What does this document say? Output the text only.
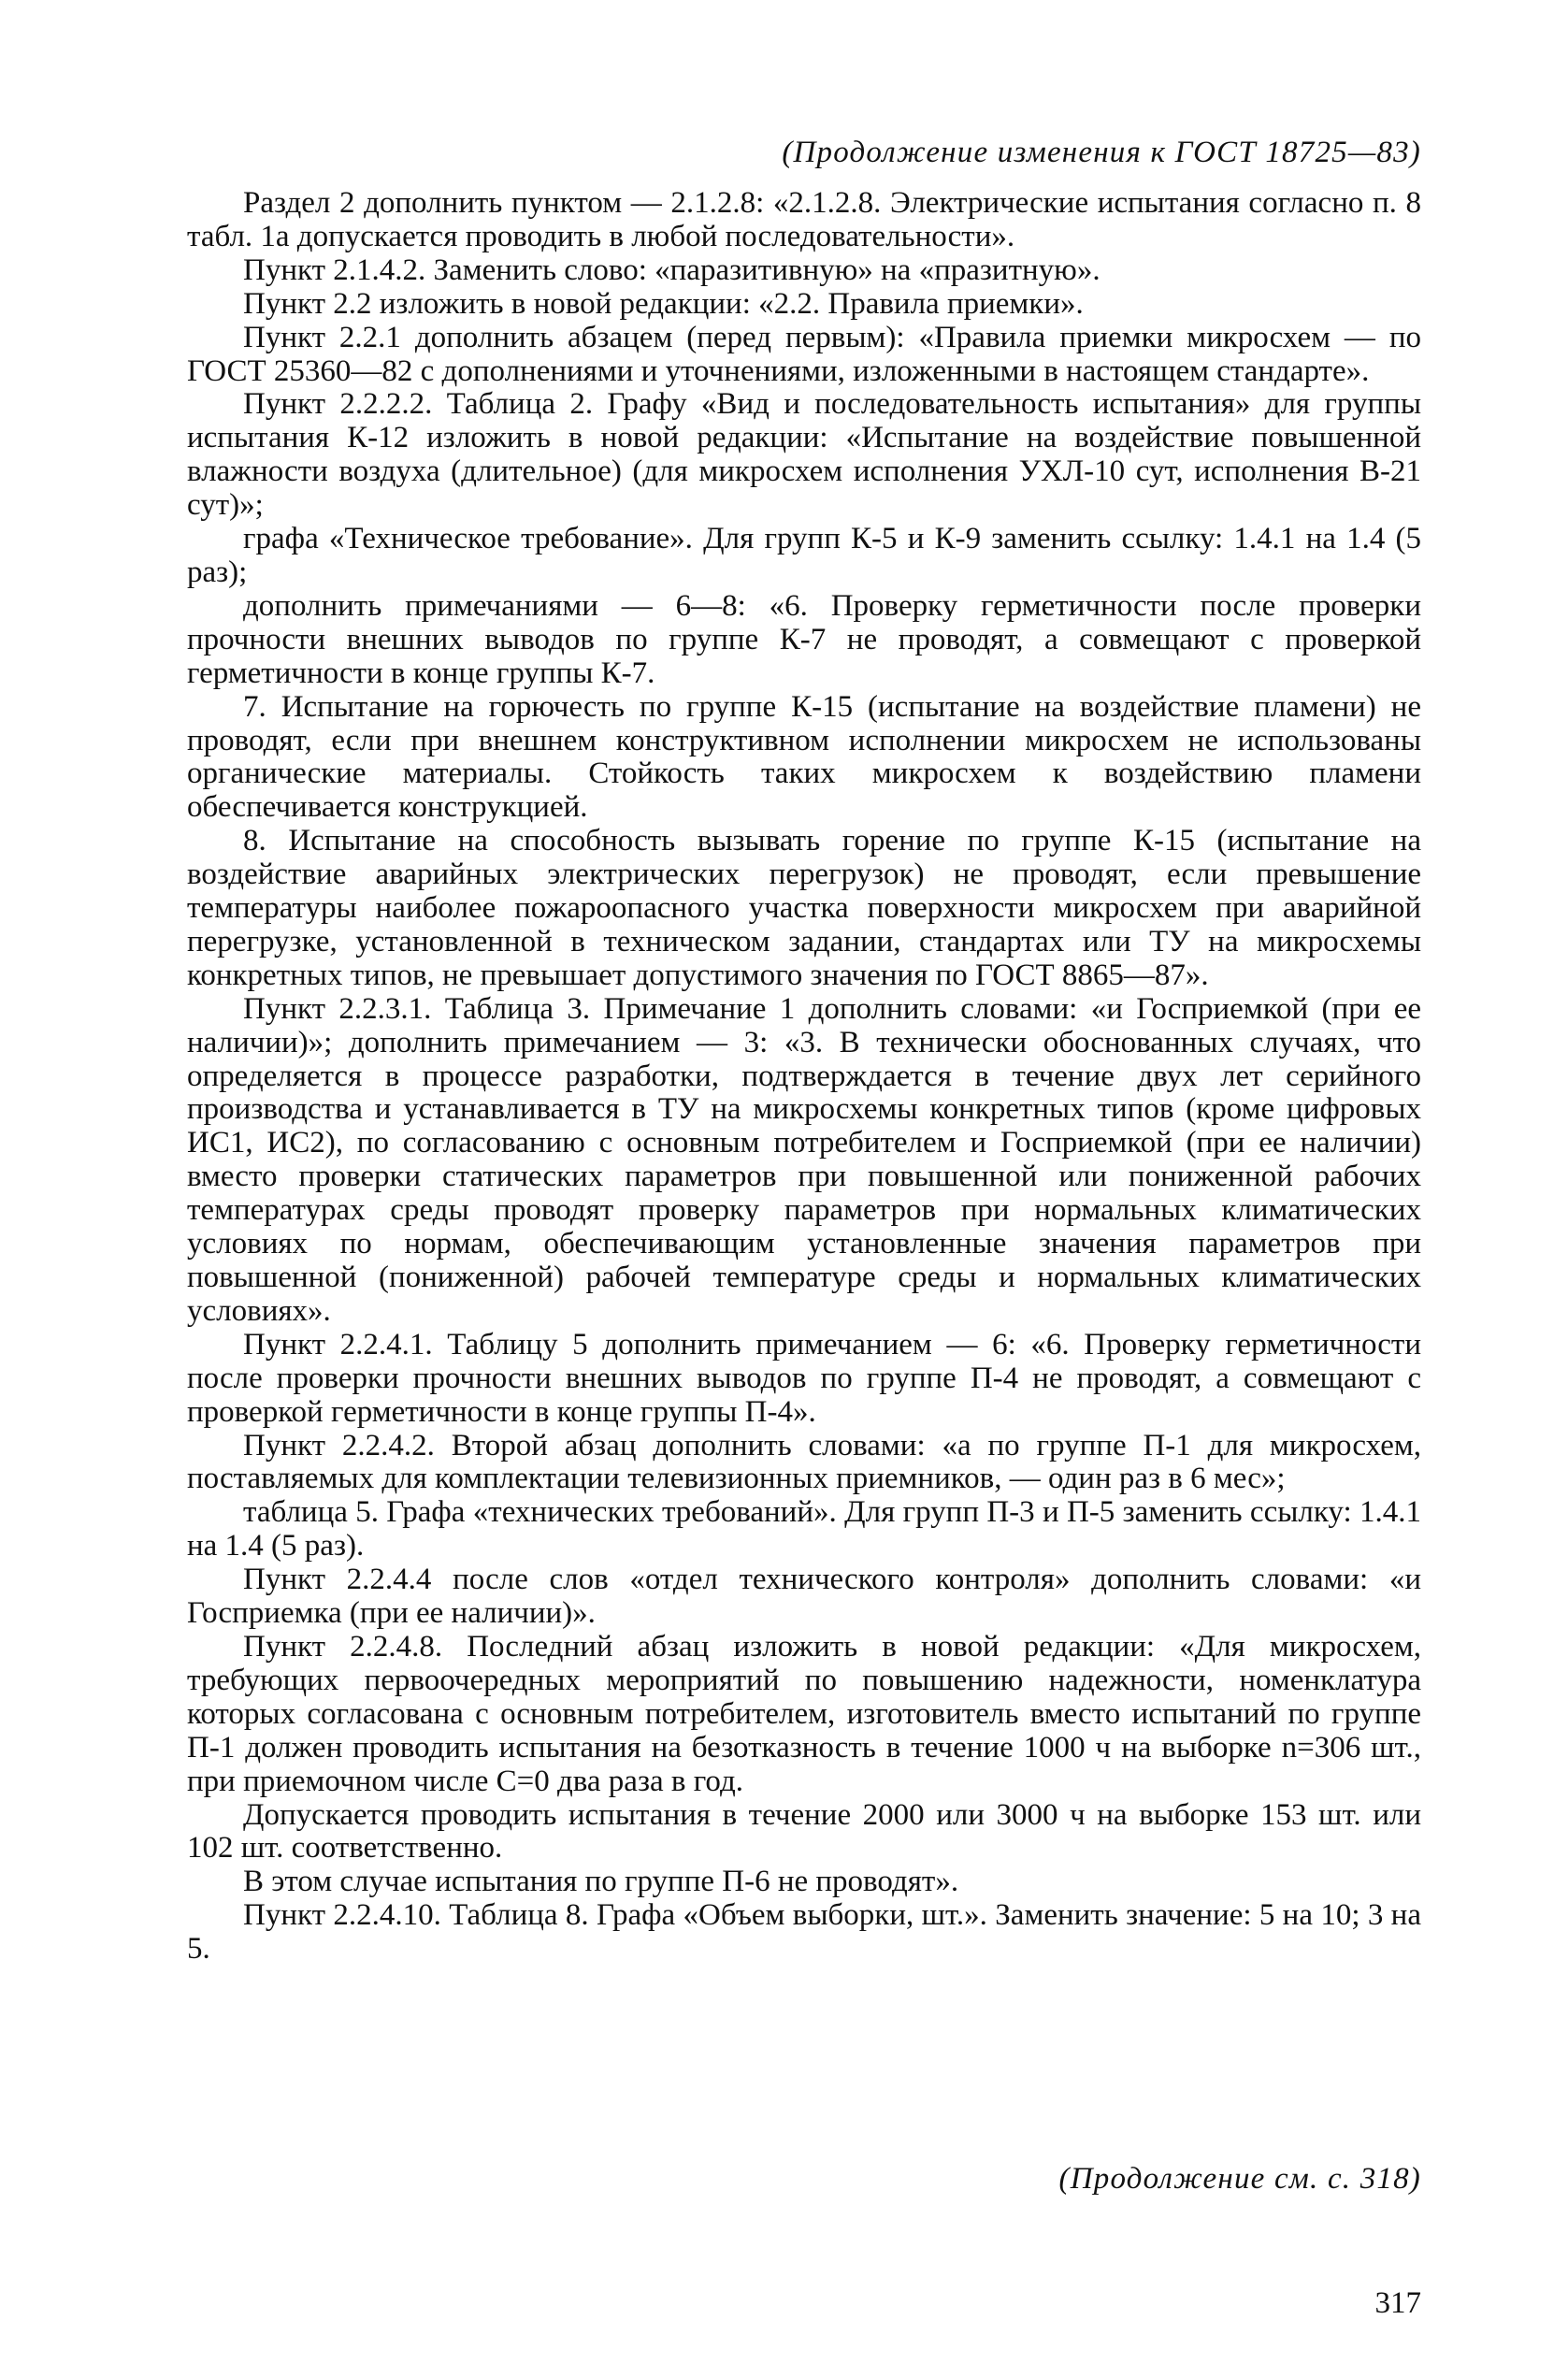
(Продолжение изменения к ГОСТ 18725—83)

Раздел 2 дополнить пунктом — 2.1.2.8: «2.1.2.8. Электрические испытания согласно п. 8 табл. 1а допускается проводить в любой последовательности».

Пункт 2.1.4.2. Заменить слово: «паразитивную» на «празитную».

Пункт 2.2 изложить в новой редакции: «2.2. Правила приемки».

Пункт 2.2.1 дополнить абзацем (перед первым): «Правила приемки микросхем — по ГОСТ 25360—82 с дополнениями и уточнениями, изложенными в настоящем стандарте».

Пункт 2.2.2.2. Таблица 2. Графу «Вид и последовательность испытания» для группы испытания К-12 изложить в новой редакции: «Испытание на воздействие повышенной влажности воздуха (длительное) (для микросхем исполнения УХЛ-10 сут, исполнения В-21 сут)»;

графа «Техническое требование». Для групп К-5 и К-9 заменить ссылку: 1.4.1 на 1.4 (5 раз);

дополнить примечаниями — 6—8: «6. Проверку герметичности после проверки прочности внешних выводов по группе К-7 не проводят, а совмещают с проверкой герметичности в конце группы К-7.

7. Испытание на горючесть по группе К-15 (испытание на воздействие пламени) не проводят, если при внешнем конструктивном исполнении микросхем не использованы органические материалы. Стойкость таких микросхем к воздействию пламени обеспечивается конструкцией.

8. Испытание на способность вызывать горение по группе К-15 (испытание на воздействие аварийных электрических перегрузок) не проводят, если превышение температуры наиболее пожароопасного участка поверхности микросхем при аварийной перегрузке, установленной в техническом задании, стандартах или ТУ на микросхемы конкретных типов, не превышает допустимого значения по ГОСТ 8865—87».

Пункт 2.2.3.1. Таблица 3. Примечание 1 дополнить словами: «и Госприемкой (при ее наличии)»; дополнить примечанием — 3: «3. В технически обоснованных случаях, что определяется в процессе разработки, подтверждается в течение двух лет серийного производства и устанавливается в ТУ на микросхемы конкретных типов (кроме цифровых ИС1, ИС2), по согласованию с основным потребителем и Госприемкой (при ее наличии) вместо проверки статических параметров при повышенной или пониженной рабочих температурах среды проводят проверку параметров при нормальных климатических условиях по нормам, обеспечивающим установленные значения параметров при повышенной (пониженной) рабочей температуре среды и нормальных климатических условиях».

Пункт 2.2.4.1. Таблицу 5 дополнить примечанием — 6: «6. Проверку герметичности после проверки прочности внешних выводов по группе П-4 не проводят, а совмещают с проверкой герметичности в конце группы П-4».

Пункт 2.2.4.2. Второй абзац дополнить словами: «а по группе П-1 для микросхем, поставляемых для комплектации телевизионных приемников, — один раз в 6 мес»;

таблица 5. Графа «технических требований». Для групп П-3 и П-5 заменить ссылку: 1.4.1 на 1.4 (5 раз).

Пункт 2.2.4.4 после слов «отдел технического контроля» дополнить словами: «и Госприемка (при ее наличии)».

Пункт 2.2.4.8. Последний абзац изложить в новой редакции: «Для микросхем, требующих первоочередных мероприятий по повышению надежности, номенклатура которых согласована с основным потребителем, изготовитель вместо испытаний по группе П-1 должен проводить испытания на безотказность в течение 1000 ч на выборке n=306 шт., при приемочном числе C=0 два раза в год.

Допускается проводить испытания в течение 2000 или 3000 ч на выборке 153 шт. или 102 шт. соответственно.

В этом случае испытания по группе П-6 не проводят».

Пункт 2.2.4.10. Таблица 8. Графа «Объем выборки, шт.». Заменить значение: 5 на 10; 3 на 5.

(Продолжение см. с. 318)
317
